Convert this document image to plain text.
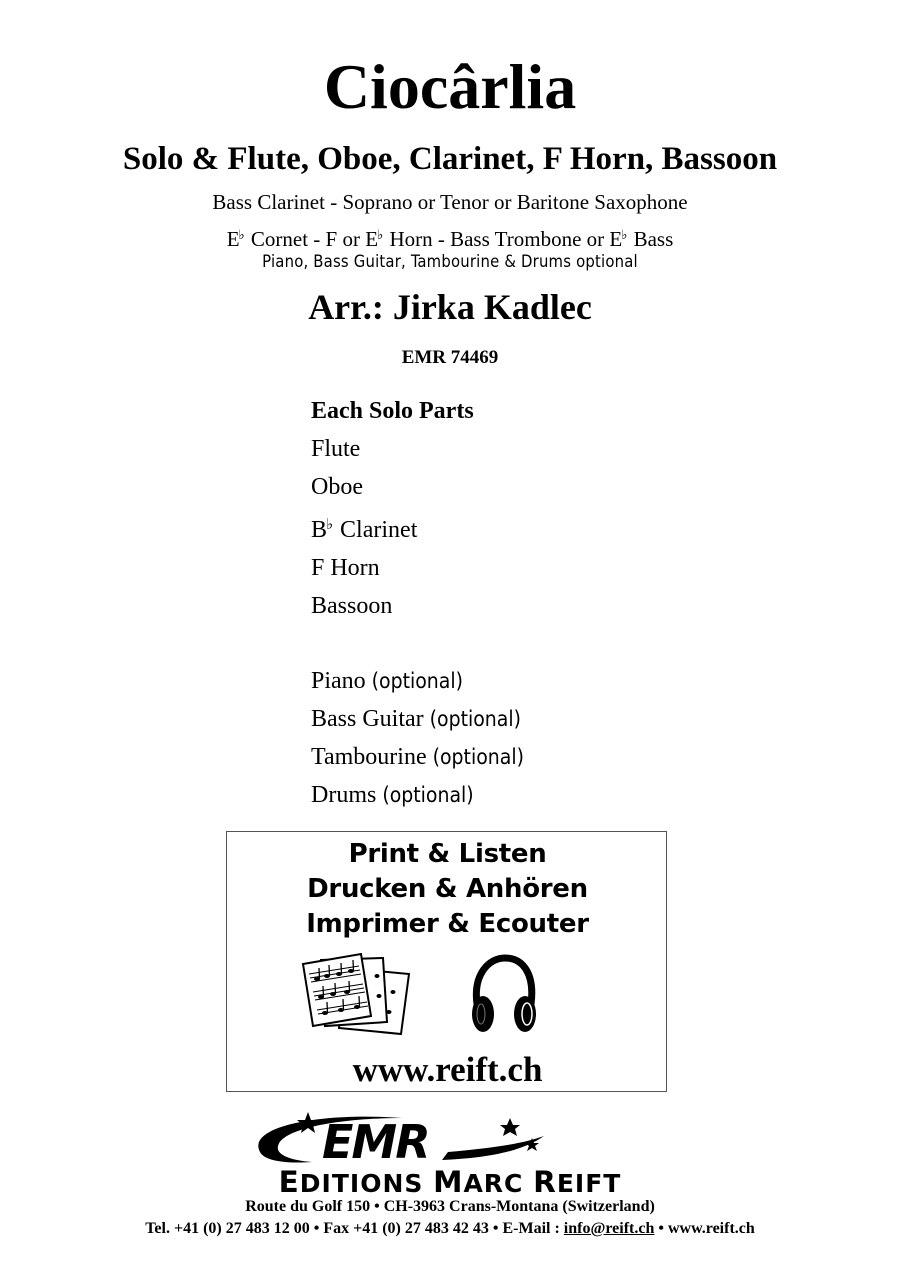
Ciocârlia
Solo & Flute, Oboe, Clarinet, F Horn, Bassoon
Bass Clarinet - Soprano or Tenor or Baritone Saxophone
E♭ Cornet - F or E♭ Horn - Bass Trombone or E♭ Bass
Piano, Bass Guitar, Tambourine & Drums optional
Arr.: Jirka Kadlec
EMR 74469
Each Solo Parts
Flute
Oboe
B♭ Clarinet
F Horn
Bassoon
Piano (optional)
Bass Guitar (optional)
Tambourine (optional)
Drums (optional)
Print & Listen
Drucken & Anhören
Imprimer & Ecouter
www.reift.ch
EMR
EDITIONS MARC REIFT
Route du Golf 150 • CH-3963 Crans-Montana (Switzerland)
Tel. +41 (0) 27 483 12 00 • Fax +41 (0) 27 483 42 43 • E-Mail : info@reift.ch • www.reift.ch
